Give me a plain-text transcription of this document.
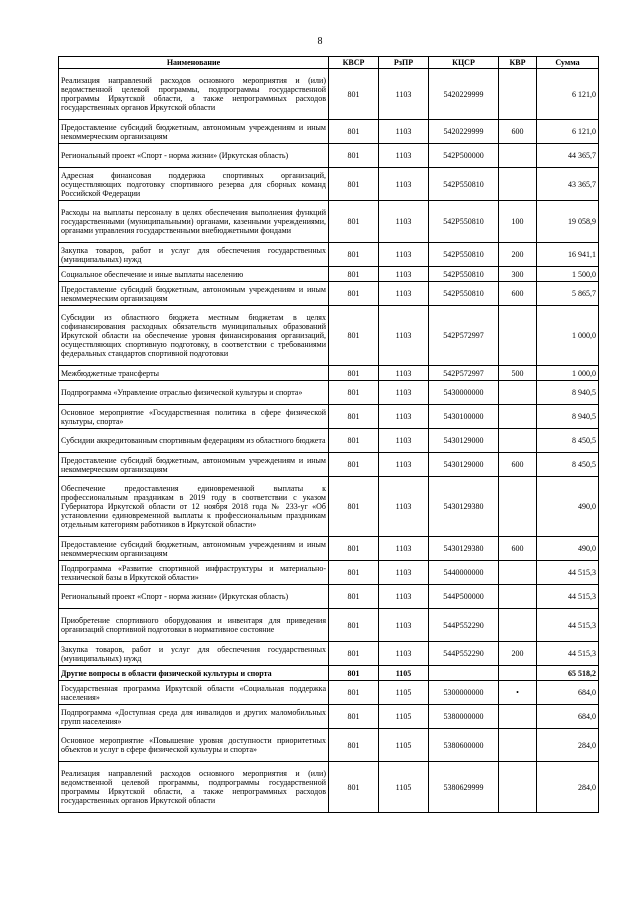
8
Наименование	КВСР	РзПР	КЦСР	КВР	Сумма
Реализация направлений расходов основного мероприятия и (или) ведомственной целевой программы, подпрограммы государственной программы Иркутской области, а также непрограммных расходов государственных органов Иркутской области	801	1103	5420229999		6 121,0
Предоставление субсидий бюджетным, автономным учреждениям и иным некоммерческим организациям	801	1103	5420229999	600	6 121,0
Региональный проект «Спорт - норма жизни» (Иркутская область)	801	1103	542P500000		44 365,7
Адресная финансовая поддержка спортивных организаций, осуществляющих подготовку спортивного резерва для сборных команд Российской Федерации	801	1103	542P550810		43 365,7
Расходы на выплаты персоналу в целях обеспечения выполнения функций государственными (муниципальными) органами, казенными учреждениями, органами управления государственными внебюджетными фондами	801	1103	542P550810	100	19 058,9
Закупка товаров, работ и услуг для обеспечения государственных (муниципальных) нужд	801	1103	542P550810	200	16 941,1
Социальное обеспечение и иные выплаты населению	801	1103	542P550810	300	1 500,0
Предоставление субсидий бюджетным, автономным учреждениям и иным некоммерческим организациям	801	1103	542P550810	600	5 865,7
Субсидии из областного бюджета местным бюджетам в целях софинансирования расходных обязательств муниципальных образований Иркутской области на обеспечение уровня финансирования организаций, осуществляющих спортивную подготовку, в соответствии с требованиями федеральных стандартов спортивной подготовки	801	1103	542P572997		1 000,0
Межбюджетные трансферты	801	1103	542P572997	500	1 000,0
Подпрограмма «Управление отраслью физической культуры и спорта»	801	1103	5430000000		8 940,5
Основное мероприятие «Государственная политика в сфере физической культуры, спорта»	801	1103	5430100000		8 940,5
Субсидии аккредитованным спортивным федерациям из областного бюджета	801	1103	5430129000		8 450,5
Предоставление субсидий бюджетным, автономным учреждениям и иным некоммерческим организациям	801	1103	5430129000	600	8 450,5
Обеспечение предоставления единовременной выплаты к профессиональным праздникам в 2019 году в соответствии с указом Губернатора Иркутской области от 12 ноября 2018 года № 233-уг «Об установлении единовременной выплаты к профессиональным праздникам отдельным категориям работников в Иркутской области»	801	1103	5430129380		490,0
Предоставление субсидий бюджетным, автономным учреждениям и иным некоммерческим организациям	801	1103	5430129380	600	490,0
Подпрограмма «Развитие спортивной инфраструктуры и материально- технической базы в Иркутской области»	801	1103	5440000000		44 515,3
Региональный проект «Спорт - норма жизни» (Иркутская область)	801	1103	544P500000		44 515,3
Приобретение спортивного оборудования и инвентаря для приведения организаций спортивной подготовки в нормативное состояние	801	1103	544P552290		44 515,3
Закупка товаров, работ и услуг для обеспечения государственных (муниципальных) нужд	801	1103	544P552290	200	44 515,3
Другие вопросы в области физической культуры и спорта	801	1105			65 518,2
Государственная программа Иркутской области «Социальная поддержка населения»	801	1105	5300000000	•	684,0
Подпрограмма «Доступная среда для инвалидов и других маломобильных групп населения»	801	1105	5380000000		684,0
Основное мероприятие «Повышение уровня доступности приоритетных объектов и услуг в сфере физической культуры и спорта»	801	1105	5380600000		284,0
Реализация направлений расходов основного мероприятия и (или) ведомственной целевой программы, подпрограммы государственной программы Иркутской области, а также непрограммных расходов государственных органов Иркутской области	801	1105	5380629999		284,0
